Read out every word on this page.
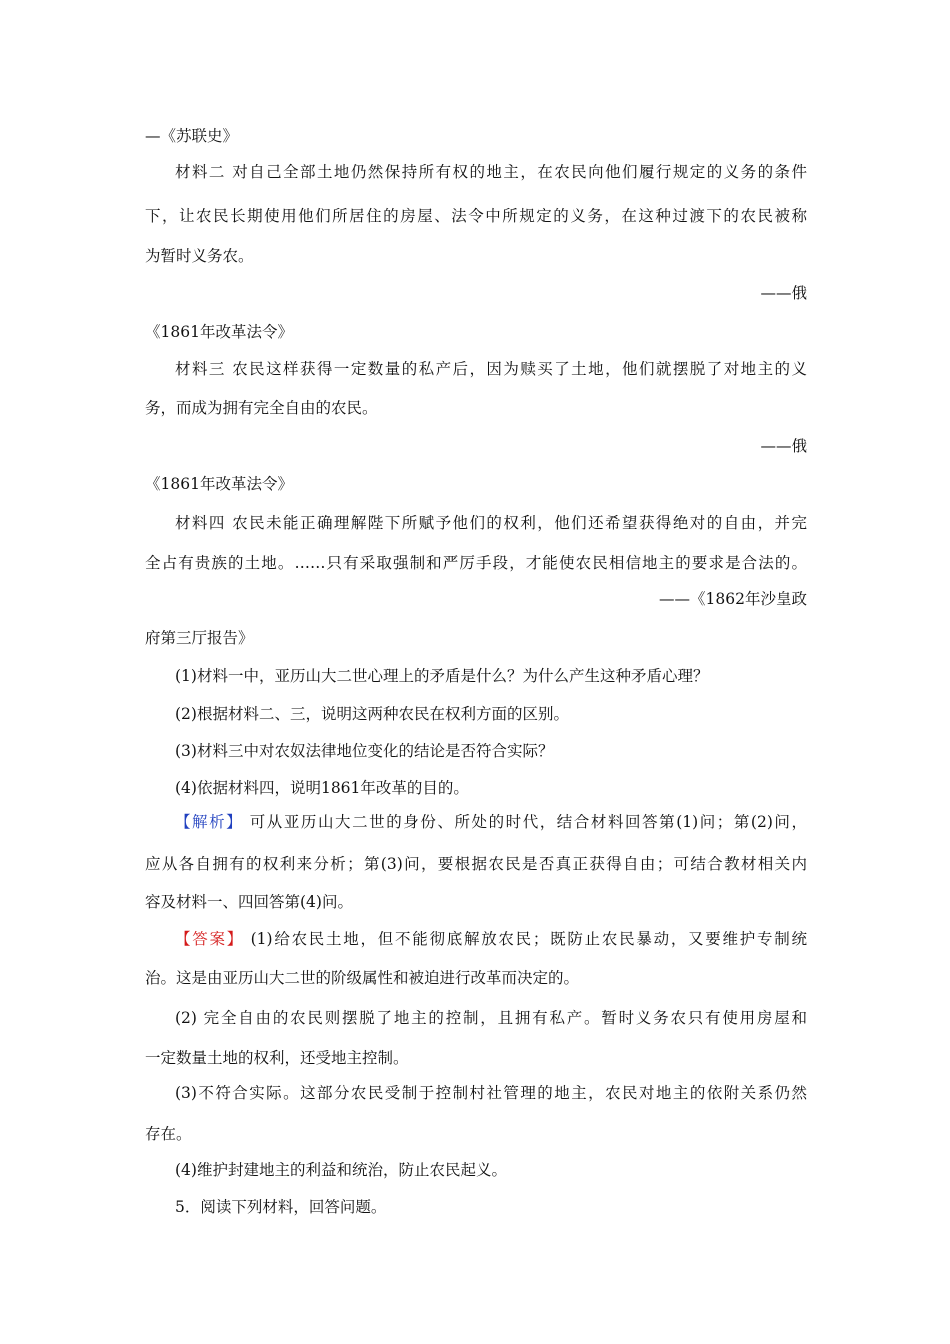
—《苏联史》
材料二 对自己全部土地仍然保持所有权的地主，在农民向他们履行规定的义务的条件
下，让农民长期使用他们所居住的房屋、法令中所规定的义务，在这种过渡下的农民被称
为暂时义务农。
——俄
《1861年改革法令》
材料三 农民这样获得一定数量的私产后，因为赎买了土地，他们就摆脱了对地主的义
务，而成为拥有完全自由的农民。
——俄
《1861年改革法令》
材料四 农民未能正确理解陛下所赋予他们的权利，他们还希望获得绝对的自由，并完
全占有贵族的土地。……只有采取强制和严厉手段，才能使农民相信地主的要求是合法的。
——《1862年沙皇政
府第三厅报告》
(1)材料一中，亚历山大二世心理上的矛盾是什么？为什么产生这种矛盾心理？
(2)根据材料二、三，说明这两种农民在权利方面的区别。
(3)材料三中对农奴法律地位变化的结论是否符合实际？
(4)依据材料四，说明1861年改革的目的。
【解析】 可从亚历山大二世的身份、所处的时代，结合材料回答第(1)问；第(2)问，
应从各自拥有的权利来分析；第(3)问，要根据农民是否真正获得自由；可结合教材相关内
容及材料一、四回答第(4)问。
【答案】 (1)给农民土地，但不能彻底解放农民；既防止农民暴动，又要维护专制统
治。这是由亚历山大二世的阶级属性和被迫进行改革而决定的。
(2) 完全自由的农民则摆脱了地主的控制，且拥有私产。暂时义务农只有使用房屋和
一定数量土地的权利，还受地主控制。
(3)不符合实际。这部分农民受制于控制村社管理的地主，农民对地主的依附关系仍然
存在。
(4)维护封建地主的利益和统治，防止农民起义。
5．阅读下列材料，回答问题。
